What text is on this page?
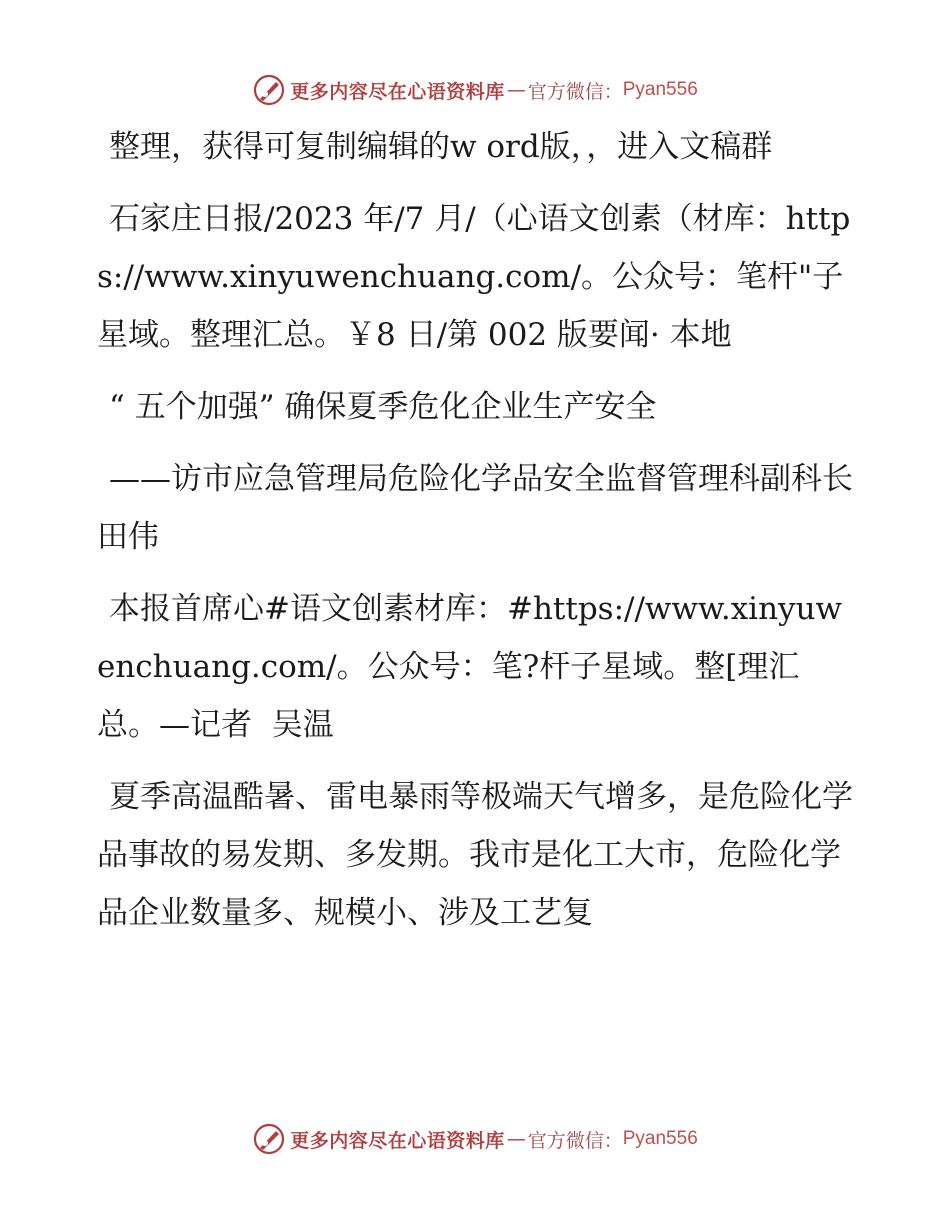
更多内容尽在心语资料库 — 官方微信： Pyan556

整理，获得可复制编辑的w ord版，，进入文稿群

石家庄日报/2023 年/7 月/（心语文创素（材库：https://www.xinyuwenchuang.com/。公众号：笔杆"子星域。整理汇总。￥8 日/第 002 版要闻· 本地

“ 五个加强” 确保夏季危化企业生产安全

——访市应急管理局危险化学品安全监督管理科副科长田伟

本报首席心#语文创素材库：#https://www.xinyuwenchuang.com/。公众号：笔?杆子星域。整[理汇总。—记者  吴温

夏季高温酷暑、雷电暴雨等极端天气增多，是危险化学品事故的易发期、多发期。我市是化工大市，危险化学品企业数量多、规模小、涉及工艺复

更多内容尽在心语资料库 — 官方微信： Pyan556
